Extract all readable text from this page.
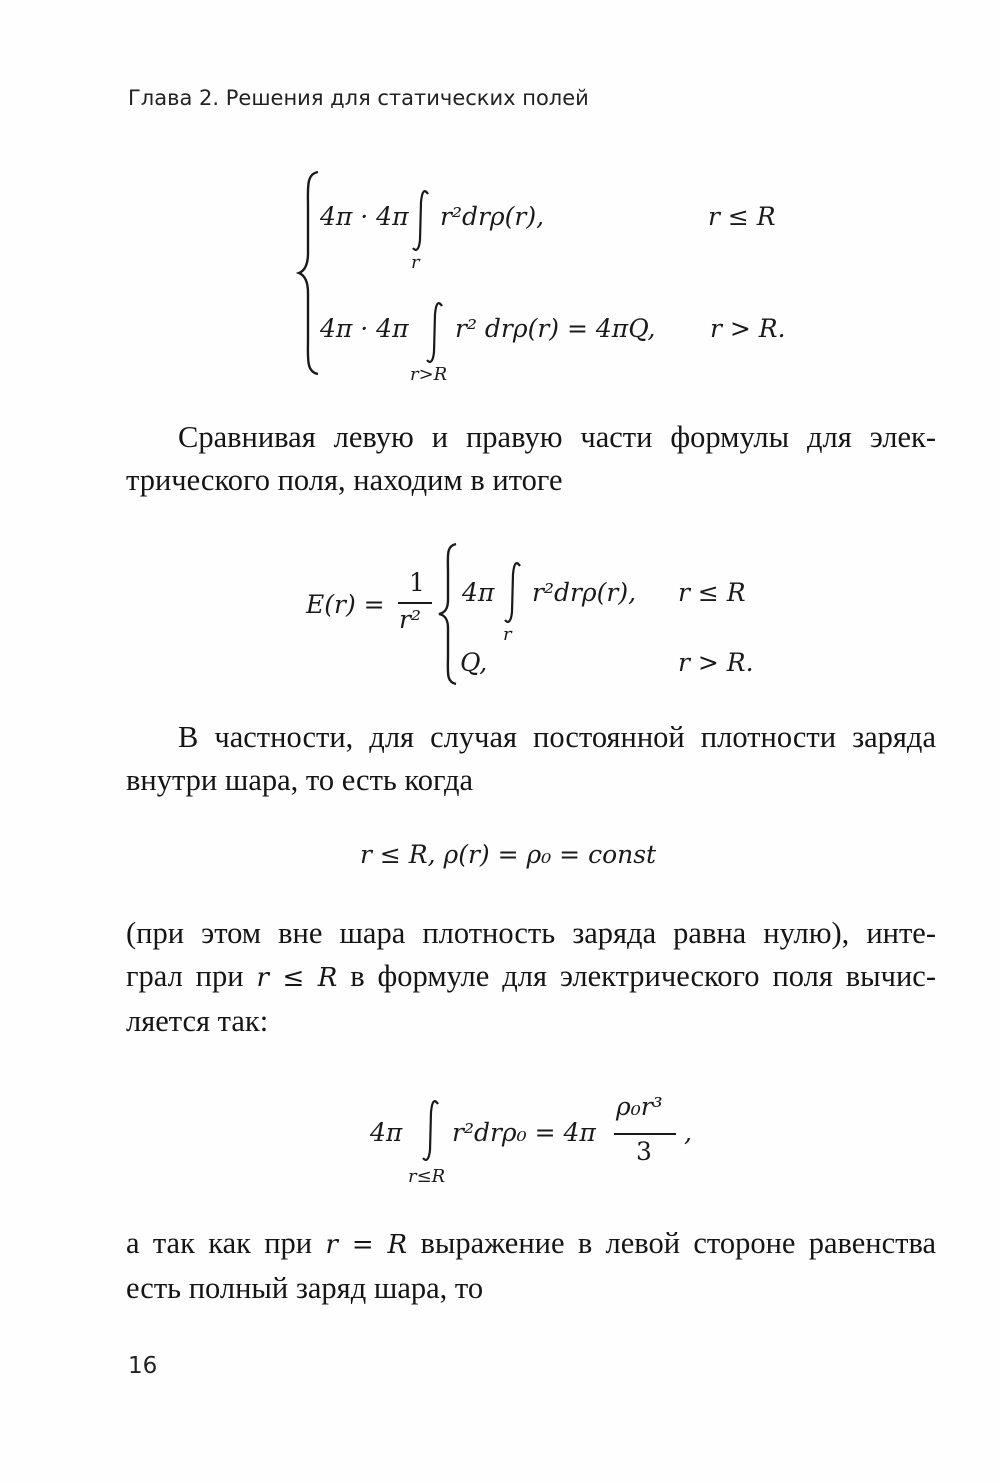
Глава 2. Решения для статических полей
4π · 4π
r
r²drρ(r),	r ≤ R
4π · 4π
r>R
r² drρ(r) = 4πQ, r > R.
Сравнивая левую и правую части формулы для элек-
трического поля, находим в итоге
E(r) =
1
r²
4π
r
r²drρ(r), r ≤ R
Q,	r > R.
В частности, для случая постоянной плотности заряда
внутри шара, то есть когда
r ≤ R, ρ(r) = ρ₀ = const
(при этом вне шара плотность заряда равна нулю), инте-
грал при r ≤ R в формуле для электрического поля вычис-
ляется так:
4π
r≤R
r²drρ₀ = 4π
ρ₀r³
3
,
а так как при r = R выражение в левой стороне равенства
есть полный заряд шара, то
16
